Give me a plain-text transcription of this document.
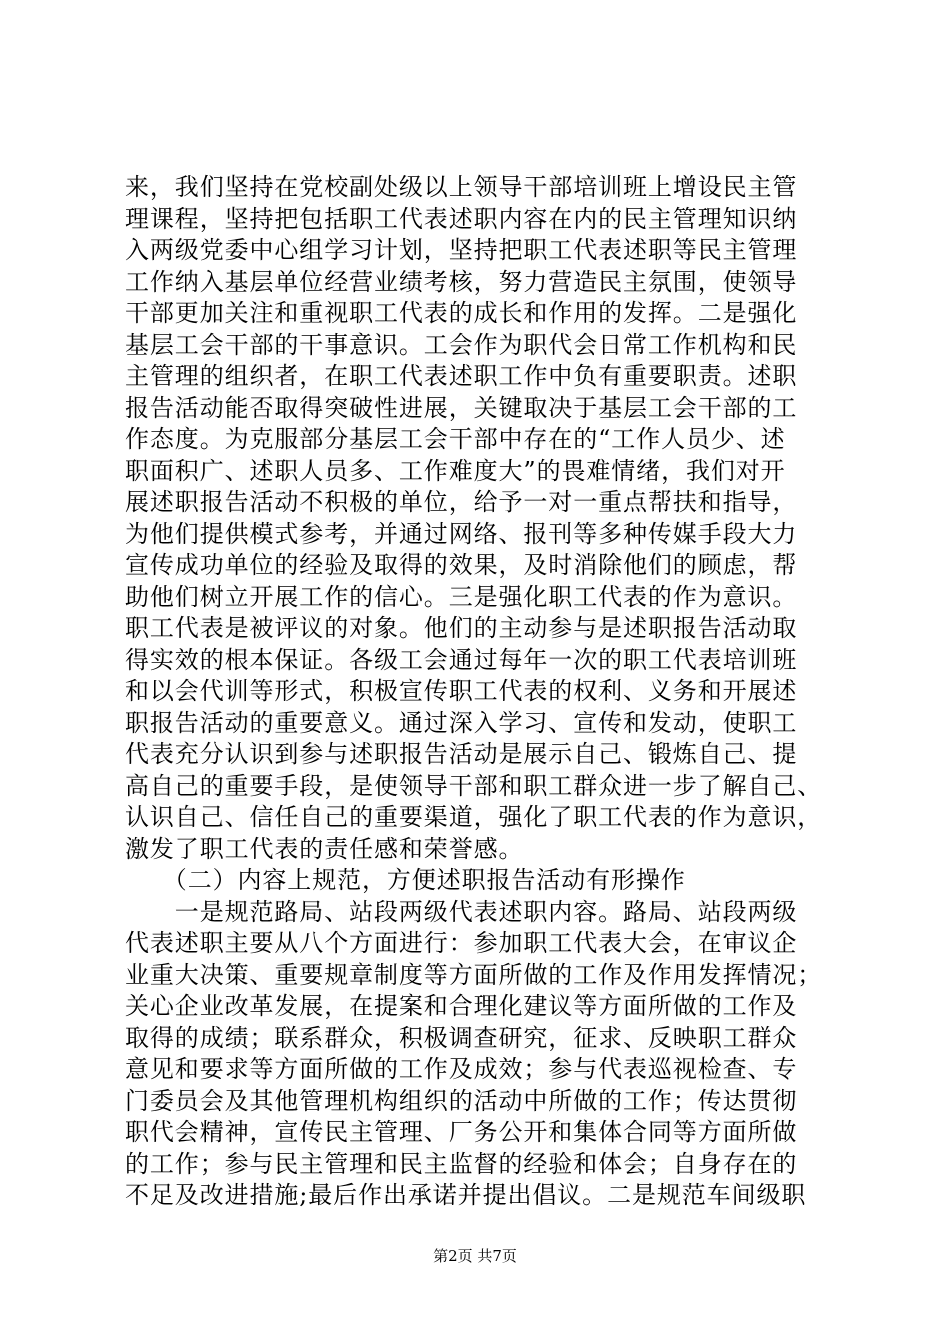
来，我们坚持在党校副处级以上领导干部培训班上增设民主管
理课程，坚持把包括职工代表述职内容在内的民主管理知识纳
入两级党委中心组学习计划，坚持把职工代表述职等民主管理
工作纳入基层单位经营业绩考核，努力营造民主氛围，使领导
干部更加关注和重视职工代表的成长和作用的发挥。二是强化
基层工会干部的干事意识。工会作为职代会日常工作机构和民
主管理的组织者，在职工代表述职工作中负有重要职责。述职
报告活动能否取得突破性进展，关键取决于基层工会干部的工
作态度。为克服部分基层工会干部中存在的“工作人员少、述
职面积广、述职人员多、工作难度大”的畏难情绪，我们对开
展述职报告活动不积极的单位，给予一对一重点帮扶和指导，
为他们提供模式参考，并通过网络、报刊等多种传媒手段大力
宣传成功单位的经验及取得的效果，及时消除他们的顾虑，帮
助他们树立开展工作的信心。三是强化职工代表的作为意识。
职工代表是被评议的对象。他们的主动参与是述职报告活动取
得实效的根本保证。各级工会通过每年一次的职工代表培训班
和以会代训等形式，积极宣传职工代表的权利、义务和开展述
职报告活动的重要意义。通过深入学习、宣传和发动，使职工
代表充分认识到参与述职报告活动是展示自己、锻炼自己、提
高自己的重要手段，是使领导干部和职工群众进一步了解自己、
认识自己、信任自己的重要渠道，强化了职工代表的作为意识，
激发了职工代表的责任感和荣誉感。
　　（二）内容上规范，方便述职报告活动有形操作
　　一是规范路局、站段两级代表述职内容。路局、站段两级
代表述职主要从八个方面进行：参加职工代表大会，在审议企
业重大决策、重要规章制度等方面所做的工作及作用发挥情况；
关心企业改革发展，在提案和合理化建议等方面所做的工作及
取得的成绩；联系群众，积极调查研究，征求、反映职工群众
意见和要求等方面所做的工作及成效；参与代表巡视检查、专
门委员会及其他管理机构组织的活动中所做的工作；传达贯彻
职代会精神，宣传民主管理、厂务公开和集体合同等方面所做
的工作；参与民主管理和民主监督的经验和体会；自身存在的
不足及改进措施;最后作出承诺并提出倡议。二是规范车间级职
第2页 共7页
